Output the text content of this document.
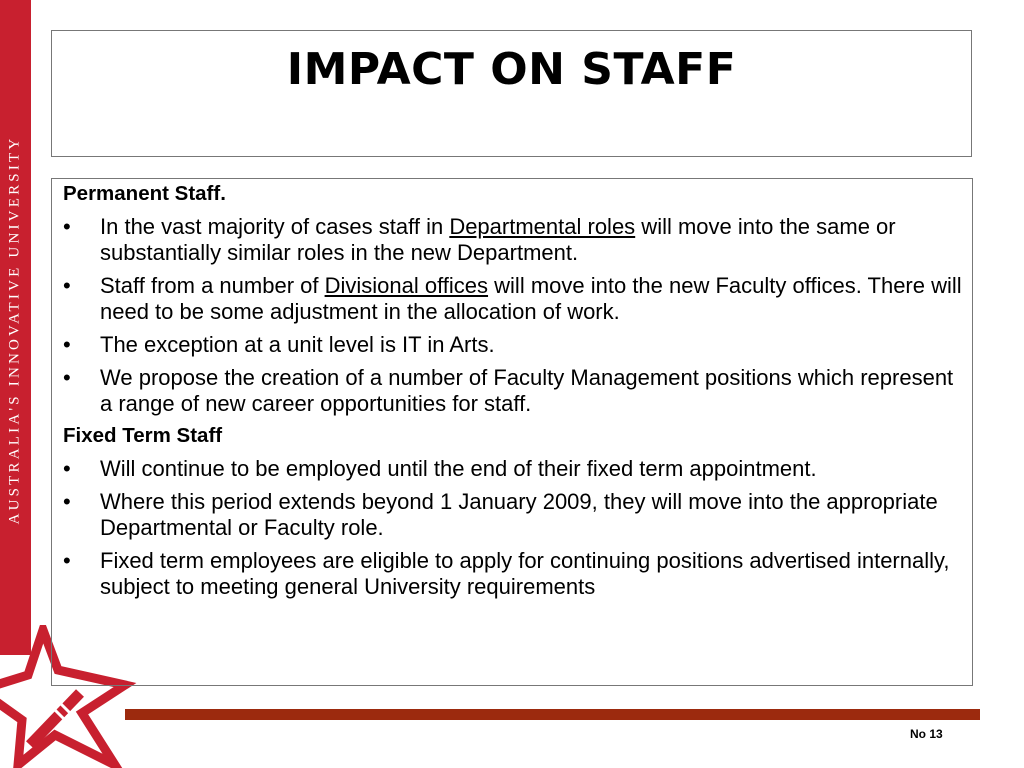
AUSTRALIA'S INNOVATIVE UNIVERSITY
IMPACT ON STAFF
Permanent Staff.
• In the vast majority of cases staff in Departmental roles will move into the same or substantially similar roles in the new Department.
• Staff from a number of Divisional offices will move into the new Faculty offices. There will need to be some adjustment in the allocation of work.
• The exception at a unit level is IT in Arts.
• We propose the creation of a number of Faculty Management positions which represent a range of new career opportunities for staff.
Fixed Term Staff
• Will continue to be employed until the end of their fixed term appointment.
• Where this period extends beyond 1 January 2009, they will move into the appropriate Departmental or Faculty role.
• Fixed term employees are eligible to apply for continuing positions advertised internally, subject to meeting general University requirements
No 13
